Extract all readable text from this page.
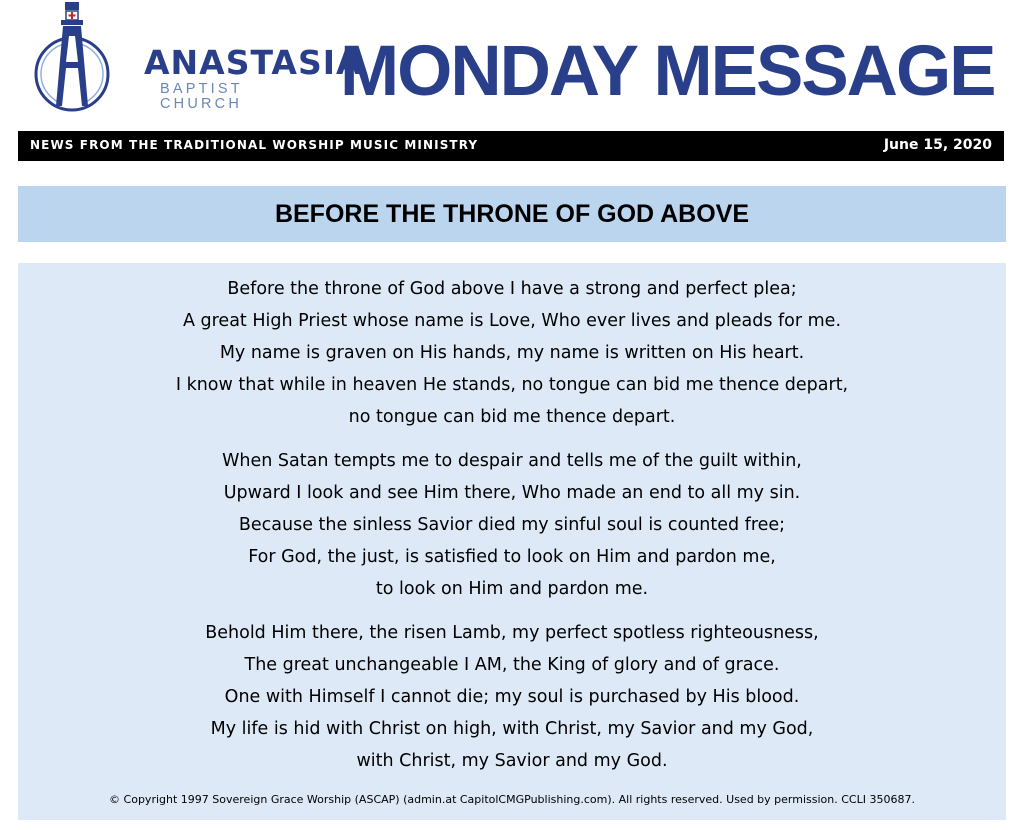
ANASTASIA
BAPTIST CHURCH	MONDAY MESSAGE
NEWS FROM THE TRADITIONAL WORSHIP MUSIC MINISTRY	June 15, 2020
BEFORE THE THRONE OF GOD ABOVE
Before the throne of God above I have a strong and perfect plea;
A great High Priest whose name is Love, Who ever lives and pleads for me.
My name is graven on His hands, my name is written on His heart.
I know that while in heaven He stands, no tongue can bid me thence depart,
no tongue can bid me thence depart.
When Satan tempts me to despair and tells me of the guilt within,
Upward I look and see Him there, Who made an end to all my sin.
Because the sinless Savior died my sinful soul is counted free;
For God, the just, is satisfied to look on Him and pardon me,
to look on Him and pardon me.
Behold Him there, the risen Lamb, my perfect spotless righteousness,
The great unchangeable I AM, the King of glory and of grace.
One with Himself I cannot die; my soul is purchased by His blood.
My life is hid with Christ on high, with Christ, my Savior and my God,
with Christ, my Savior and my God.
© Copyright 1997 Sovereign Grace Worship (ASCAP) (admin.at CapitolCMGPublishing.com). All rights reserved. Used by permission. CCLI 350687.
